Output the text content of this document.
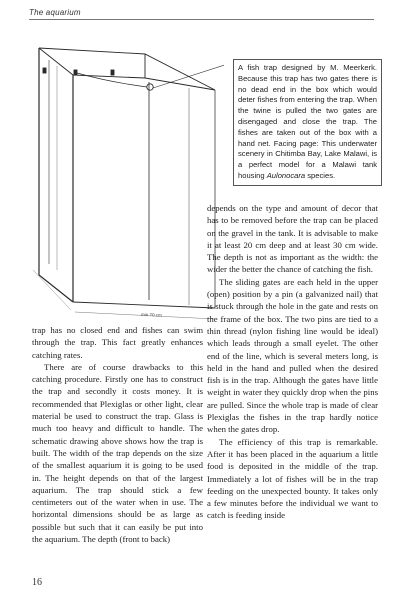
The aquarium
min 70 cm
A fish trap designed by M. Meerkerk. Because this trap has two gates there is no dead end in the box which would deter fishes from entering the trap. When the twine is pulled the two gates are disengaged and close the trap. The fishes are taken out of the box with a hand net. Facing page: This underwater scenery in Chitimba Bay, Lake Malawi, is a perfect model for a Malawi tank housing Aulonocara species.

trap has no closed end and fishes can swim through the trap. This fact greatly enhances catching rates.

There are of course drawbacks to this catching procedure. Firstly one has to construct the trap and secondly it costs money. It is recommended that Plexiglas or other light, clear material be used to construct the trap. Glass is much too heavy and difficult to handle. The schematic drawing above shows how the trap is built. The width of the trap depends on the size of the smallest aquarium it is going to be used in. The height depends on that of the largest aquarium. The trap should stick a few centimeters out of the water when in use. The horizontal dimensions should be as large as possible but such that it can easily be put into the aquarium. The depth (front to back)

depends on the type and amount of decor that has to be removed before the trap can be placed on the gravel in the tank. It is advisable to make it at least 20 cm deep and at least 30 cm wide. The depth is not as important as the width: the wider the better the chance of catching the fish.

The sliding gates are each held in the upper (open) position by a pin (a galvanized nail) that is stuck through the hole in the gate and rests on the frame of the box. The two pins are tied to a thin thread (nylon fishing line would be ideal) which leads through a small eyelet. The other end of the line, which is several meters long, is held in the hand and pulled when the desired fish is in the trap. Although the gates have little weight in water they quickly drop when the pins are pulled. Since the whole trap is made of clear Plexiglas the fishes in the trap hardly notice when the gates drop.

The efficiency of this trap is remarkable. After it has been placed in the aquarium a little food is deposited in the middle of the trap. Immediately a lot of fishes will be in the trap feeding on the unexpected bounty. It takes only a few minutes before the individual we want to catch is feeding inside

16
